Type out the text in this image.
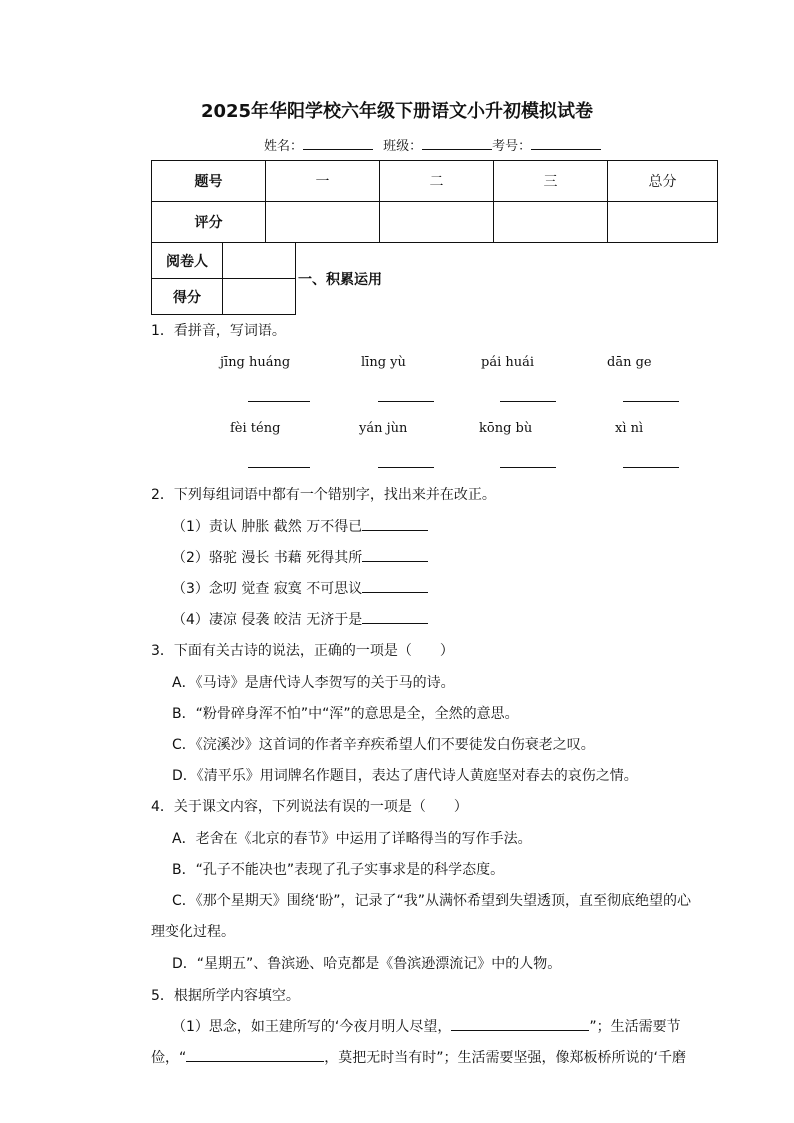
2025年华阳学校六年级下册语文小升初模拟试卷
姓名：	班级：	考号：
题号	一	二	三	总分
评分				
阅卷人	
得分	
一、积累运用
1．看拼音，写词语。
jīng huáng	līng yù	pái huái	dān ge
fèi téng	yán jùn	kōng bù	xì nì
2．下列每组词语中都有一个错别字，找出来并在改正。
（1）责认 肿胀 截然 万不得已
（2）骆驼 漫长 书藉 死得其所
（3）念叨 觉查 寂寞 不可思议
（4）凄凉 侵袭 皎洁 无济于是
3．下面有关古诗的说法，正确的一项是（　　）
A．《马诗》是唐代诗人李贺写的关于马的诗。
B．“粉骨碎身浑不怕”中“浑”的意思是全，全然的意思。
C．《浣溪沙》这首词的作者辛弃疾希望人们不要徒发白伤衰老之叹。
D．《清平乐》用词牌名作题目，表达了唐代诗人黄庭坚对春去的哀伤之情。
4．关于课文内容，下列说法有误的一项是（　　）
A．老舍在《北京的春节》中运用了详略得当的写作手法。
B．“孔子不能决也”表现了孔子实事求是的科学态度。
C．《那个星期天》围绕‘盼”，记录了“我”从满怀希望到失望透顶，直至彻底绝望的心
理变化过程。
D．“星期五”、鲁滨逊、哈克都是《鲁滨逊漂流记》中的人物。
5．根据所学内容填空。
（1）思念，如王建所写的‘今夜月明人尽望，	”；生活需要节
俭，“	，莫把无时当有时”；生活需要坚强，像郑板桥所说的‘千磨
